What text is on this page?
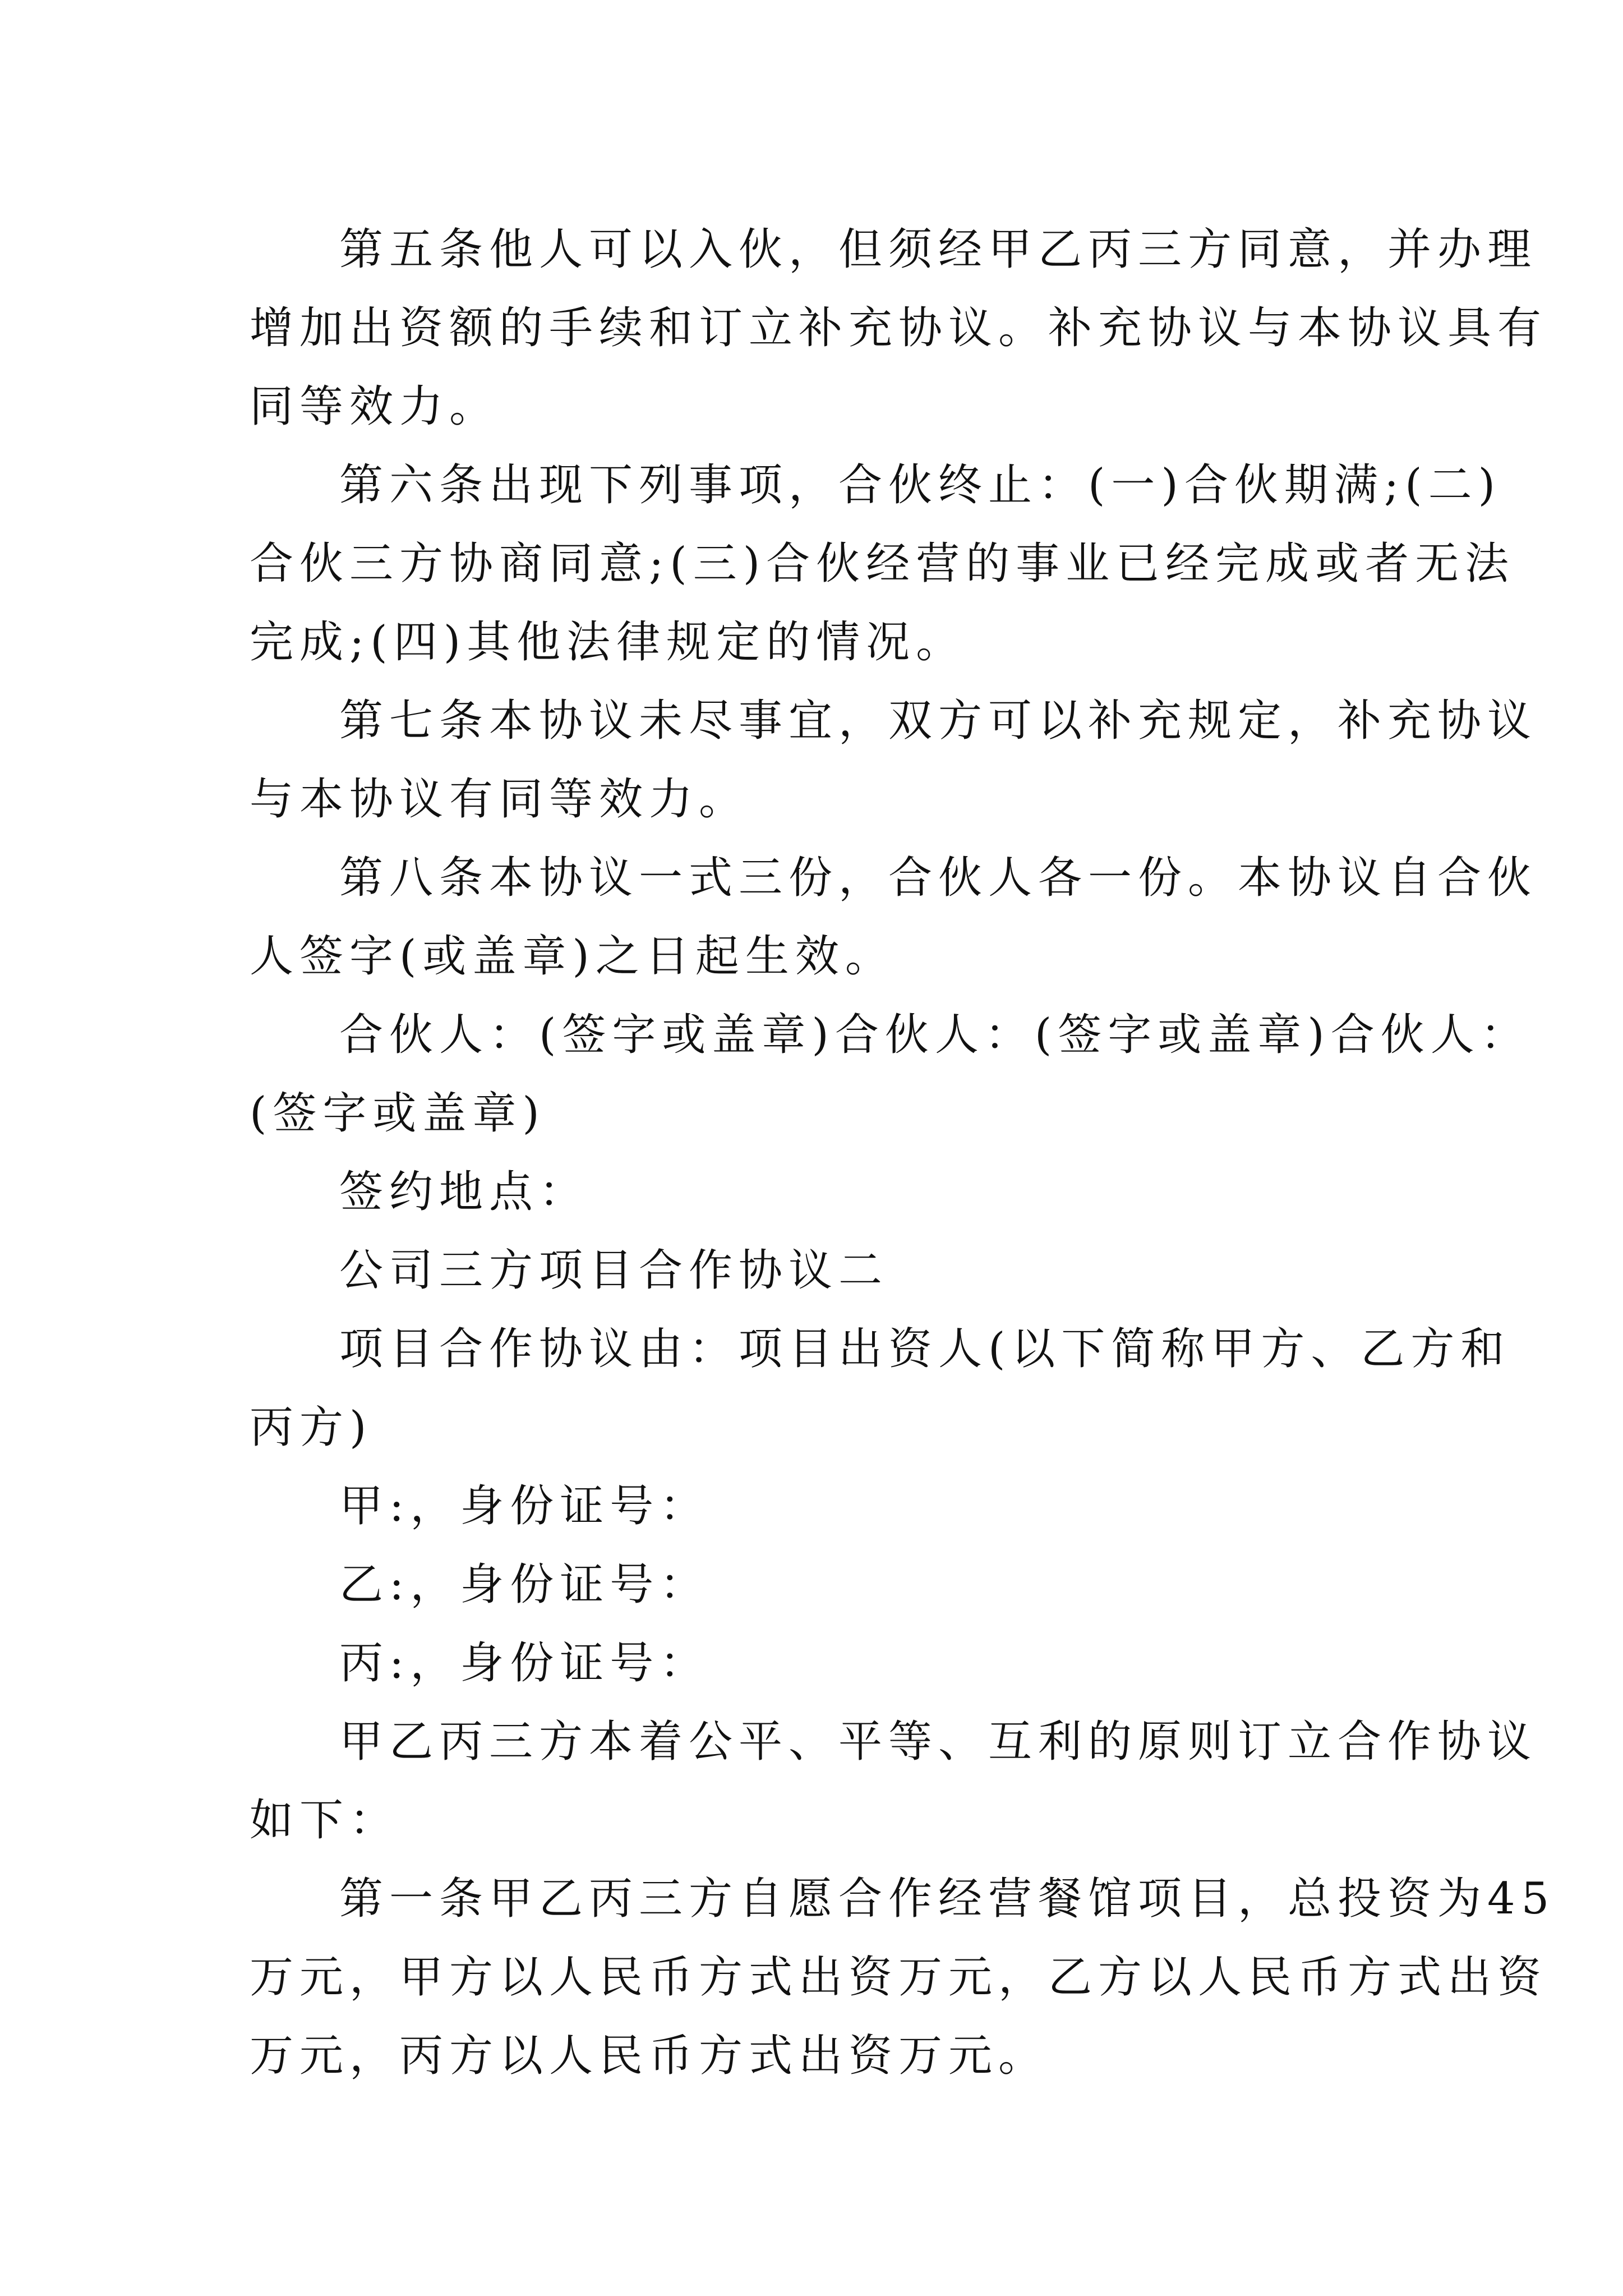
第五条他人可以入伙，但须经甲乙丙三方同意，并办理
增加出资额的手续和订立补充协议。补充协议与本协议具有
同等效力。

第六条出现下列事项，合伙终止：(一)合伙期满;(二)
合伙三方协商同意;(三)合伙经营的事业已经完成或者无法
完成;(四)其他法律规定的情况。

第七条本协议未尽事宜，双方可以补充规定，补充协议
与本协议有同等效力。

第八条本协议一式三份，合伙人各一份。本协议自合伙
人签字(或盖章)之日起生效。

合伙人：(签字或盖章)合伙人：(签字或盖章)合伙人：
(签字或盖章)

签约地点：

公司三方项目合作协议二

项目合作协议由：项目出资人(以下简称甲方、乙方和
丙方)

甲:，身份证号：

乙:，身份证号：

丙:，身份证号：

甲乙丙三方本着公平、平等、互利的原则订立合作协议
如下：

第一条甲乙丙三方自愿合作经营餐馆项目，总投资为45
万元，甲方以人民币方式出资万元，乙方以人民币方式出资
万元，丙方以人民币方式出资万元。
